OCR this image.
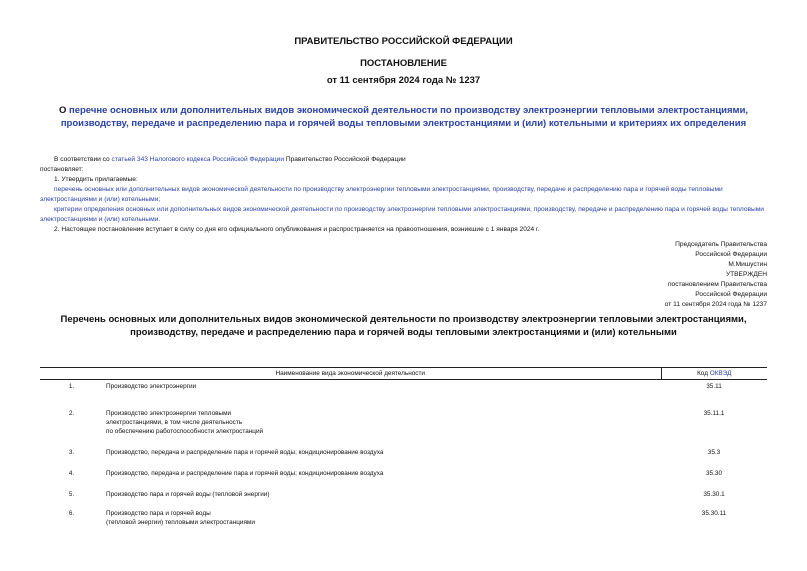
ПРАВИТЕЛЬСТВО РОССИЙСКОЙ ФЕДЕРАЦИИ
ПОСТАНОВЛЕНИЕ
от 11 сентября 2024 года № 1237
О перечне основных или дополнительных видов экономической деятельности по производству электроэнергии тепловыми электростанциями, производству, передаче и распределению пара и горячей воды тепловыми электростанциями и (или) котельными и критериях их определения
В соответствии со статьей 343 Налогового кодекса Российской Федерации Правительство Российской Федерации
постановляет:
1. Утвердить прилагаемые:
перечень основных или дополнительных видов экономической деятельности по производству электроэнергии тепловыми электростанциями, производству, передаче и распределению пара и горячей воды тепловыми электростанциями и (или) котельными;
критерии определения основных или дополнительных видов экономической деятельности по производству электроэнергии тепловыми электростанциями, производству, передаче и распределению пара и горячей воды тепловыми электростанциями и (или) котельными.
2. Настоящее постановление вступает в силу со дня его официального опубликования и распространяется на правоотношения, возникшие с 1 января 2024 г.
Председатель Правительства
Российской Федерации
М.Мишустин
УТВЕРЖДЕН
постановлением Правительства
Российской Федерации
от 11 сентября 2024 года № 1237
Перечень основных или дополнительных видов экономической деятельности по производству электроэнергии тепловыми электростанциями, производству, передаче и распределению пара и горячей воды тепловыми электростанциями и (или) котельными
Наименование вида экономической деятельности		Код ОКВЭД
1.	Производство электроэнергии	35.11
2.	Производство электроэнергии тепловыми
электростанциями, в том числе деятельность
по обеспечению работоспособности электростанций	35.11.1
3.	Производство, передача и распределение пара и горячей воды; кондиционирование воздуха	35.3
4.	Производство, передача и распределение пара и горячей воды; кондиционирование воздуха	35.30
5.	Производство пара и горячей воды (тепловой энергии)	35.30.1
6.	Производство пара и горячей воды
(тепловой энергии) тепловыми электростанциями	35.30.11
